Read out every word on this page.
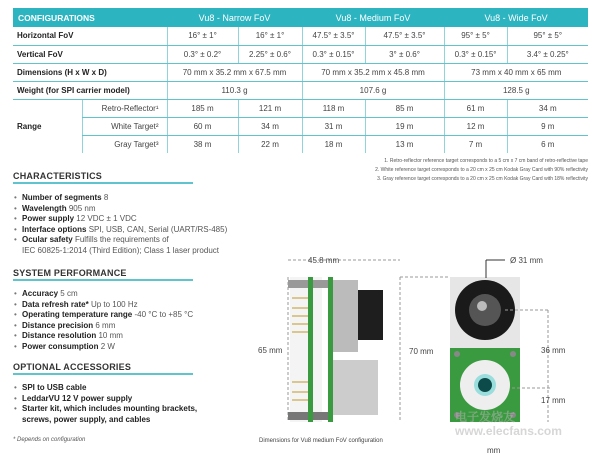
CONFIGURATIONS		Vu8 - Narrow FoV		Vu8 - Medium FoV		Vu8 - Wide FoV	
Horizontal FoV		16° ± 1°	16° ± 1°	47.5° ± 3.5°	47.5° ± 3.5°	95° ± 5°	95° ± 5°
Vertical FoV		0.3° ± 0.2°	2.25° ± 0.6°	0.3° ± 0.15°	3° ± 0.6°	0.3° ± 0.15°	3.4° ± 0.25°
Dimensions (H x W x D)		70 mm x 35.2 mm x 67.5 mm		70 mm x 35.2 mm x 45.8 mm		73 mm x 40 mm x 65 mm	
Weight (for SPI carrier model)		110.3 g		107.6 g		128.5 g	
Range	Retro-Reflector¹	185 m	121 m	118 m	85 m	61 m	34 m
	White Target²	60 m	34 m	31 m	19 m	12 m	9 m
	Gray Target³	38 m	22 m	18 m	13 m	7 m	6 m
1. Retro-reflector reference target corresponds to a 5 cm x 7 cm band of retro-reflective tape
2. White reference target corresponds to a 20 cm x 25 cm Kodak Gray Card with 90% reflectivity
3. Gray reference target corresponds to a 20 cm x 25 cm Kodak Gray Card with 18% reflectivity
CHARACTERISTICS
• Number of segments 8
• Wavelength 905 nm
• Power supply 12 VDC ± 1 VDC
• Interface options SPI, USB, CAN, Serial (UART/RS-485)
• Ocular safety Fulfills the requirements of
IEC 60825-1:2014 (Third Edition); Class 1 laser product
SYSTEM PERFORMANCE
• Accuracy 5 cm
• Data refresh rate* Up to 100 Hz
• Operating temperature range -40 °C to +85 °C
• Distance precision 6 mm
• Distance resolution 10 mm
• Power consumption 2 W
OPTIONAL ACCESSORIES
• SPI to USB cable
• LeddarVU 12 V power supply
• Starter kit, which includes mounting brackets,
screws, power supply, and cables
* Depends on configuration
45.8 mm
65 mm
Ø 31 mm
70 mm	36 mm
17 mm
mm
Dimensions for Vu8 medium FoV configuration
电子发烧友 www.elecfans.com
